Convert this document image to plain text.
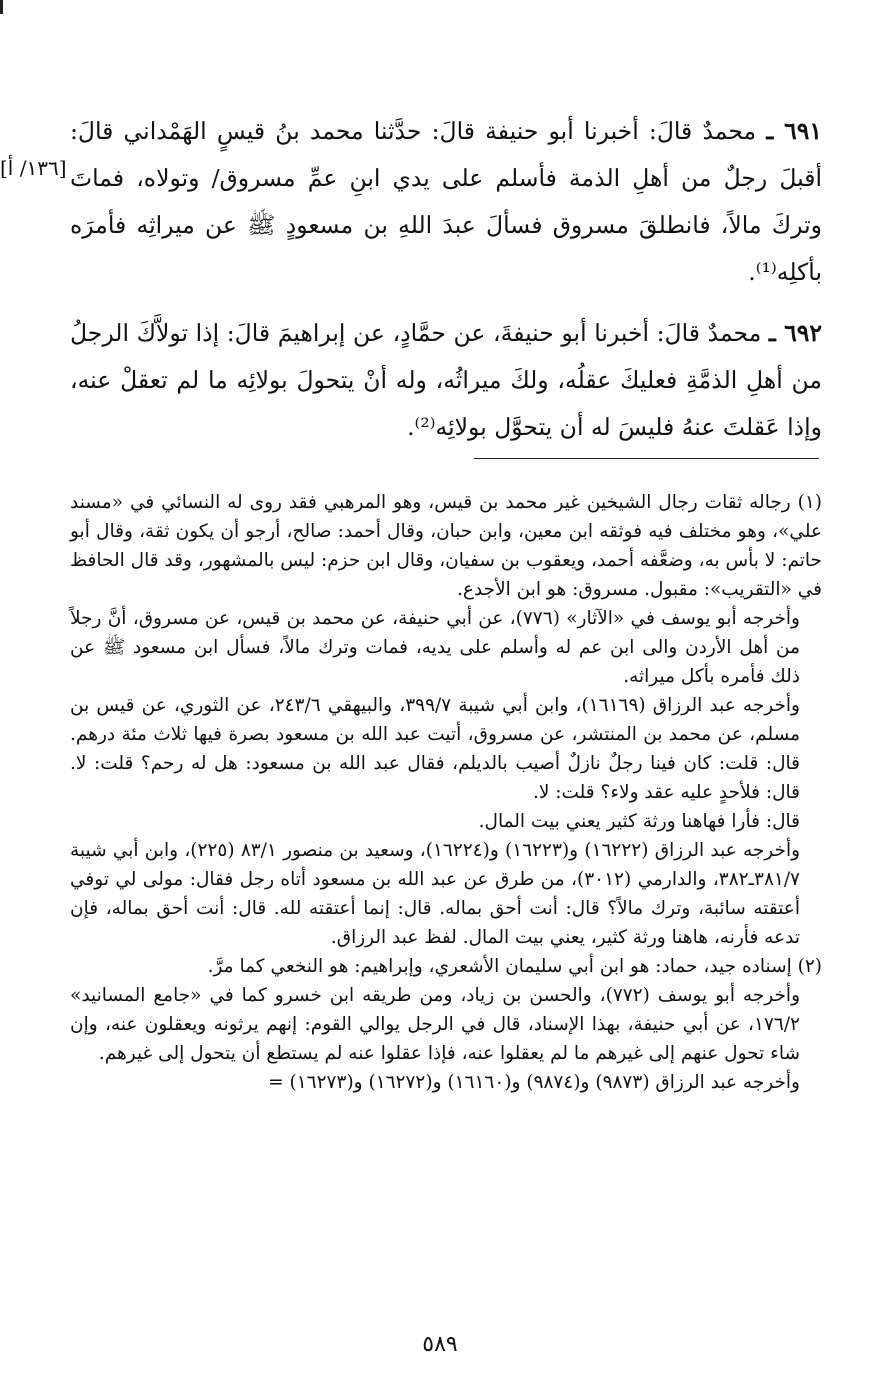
[١٣٦/ أ]

٦٩١ ـ محمدٌ قالَ: أخبرنا أبو حنيفة قالَ: حدَّثنا محمد بنُ قيسٍ الهَمْداني قالَ: أقبلَ رجلٌ من أهلِ الذمة فأسلم على يدي ابنِ عمِّ مسروق/ وتولاه، فماتَ وتركَ مالاً، فانطلقَ مسروق فسألَ عبدَ اللهِ بن مسعودٍ ﷺ عن ميراثِه فأمرَه بأكلِه⁽¹⁾.

٦٩٢ ـ محمدٌ قالَ: أخبرنا أبو حنيفةَ، عن حمَّادٍ، عن إبراهيمَ قالَ: إذا تولاَّكَ الرجلُ من أهلِ الذمَّةِ فعليكَ عقلُه، ولكَ ميراثُه، وله أنْ يتحولَ بولائِه ما لم تعقلْ عنه، وإذا عَقلتَ عنهُ فليسَ له أن يتحوَّل بولائِه⁽²⁾.

(١) رجاله ثقات رجال الشيخين غير محمد بن قيس، وهو المرهبي فقد روى له النسائي في «مسند علي»، وهو مختلف فيه فوثقه ابن معين، وابن حبان، وقال أحمد: صالح، أرجو أن يكون ثقة، وقال أبو حاتم: لا بأس به، وضعَّفه أحمد، ويعقوب بن سفيان، وقال ابن حزم: ليس بالمشهور، وقد قال الحافظ في «التقريب»: مقبول. مسروق: هو ابن الأجدع.

وأخرجه أبو يوسف في «الآثار» (٧٧٦)، عن أبي حنيفة، عن محمد بن قيس، عن مسروق، أنَّ رجلاً من أهل الأردن والى ابن عم له وأسلم على يديه، فمات وترك مالاً، فسأل ابن مسعود ﷺ عن ذلك فأمره بأكل ميراثه.

وأخرجه عبد الرزاق (١٦١٦٩)، وابن أبي شيبة ٣٩٩/٧، والبيهقي ٢٤٣/٦، عن الثوري، عن قيس بن مسلم، عن محمد بن المنتشر، عن مسروق، أتيت عبد الله بن مسعود بصرة فيها ثلاث مئة درهم. قال: قلت: كان فينا رجلٌ نازلٌ أصيب بالديلم، فقال عبد الله بن مسعود: هل له رحم؟ قلت: لا. قال: فلأحدٍ عليه عقد ولاء؟ قلت: لا.

قال: فأرا فهاهنا ورثة كثير يعني بيت المال.

وأخرجه عبد الرزاق (١٦٢٢٢) و(١٦٢٢٣) و(١٦٢٢٤)، وسعيد بن منصور ٨٣/١ (٢٢٥)، وابن أبي شيبة ٣٨١/٧ـ٣٨٢، والدارمي (٣٠١٢)، من طرق عن عبد الله بن مسعود أتاه رجل فقال: مولى لي توفي أعتقته سائبة، وترك مالاً؟ قال: أنت أحق بماله. قال: إنما أعتقته لله. قال: أنت أحق بماله، فإن تدعه فأرنه، هاهنا ورثة كثير، يعني بيت المال. لفظ عبد الرزاق.

(٢) إسناده جيد، حماد: هو ابن أبي سليمان الأشعري، وإبراهيم: هو النخعي كما مرَّ.

وأخرجه أبو يوسف (٧٧٢)، والحسن بن زياد، ومن طريقه ابن خسرو كما في «جامع المسانيد» ١٧٦/٢، عن أبي حنيفة، بهذا الإسناد، قال في الرجل يوالي القوم: إنهم يرثونه ويعقلون عنه، وإن شاء تحول عنهم إلى غيرهم ما لم يعقلوا عنه، فإذا عقلوا عنه لم يستطع أن يتحول إلى غيرهم.

وأخرجه عبد الرزاق (٩٨٧٣) و(٩٨٧٤) و(١٦١٦٠) و(١٦٢٧٢) و(١٦٢٧٣) =

٥٨٩
